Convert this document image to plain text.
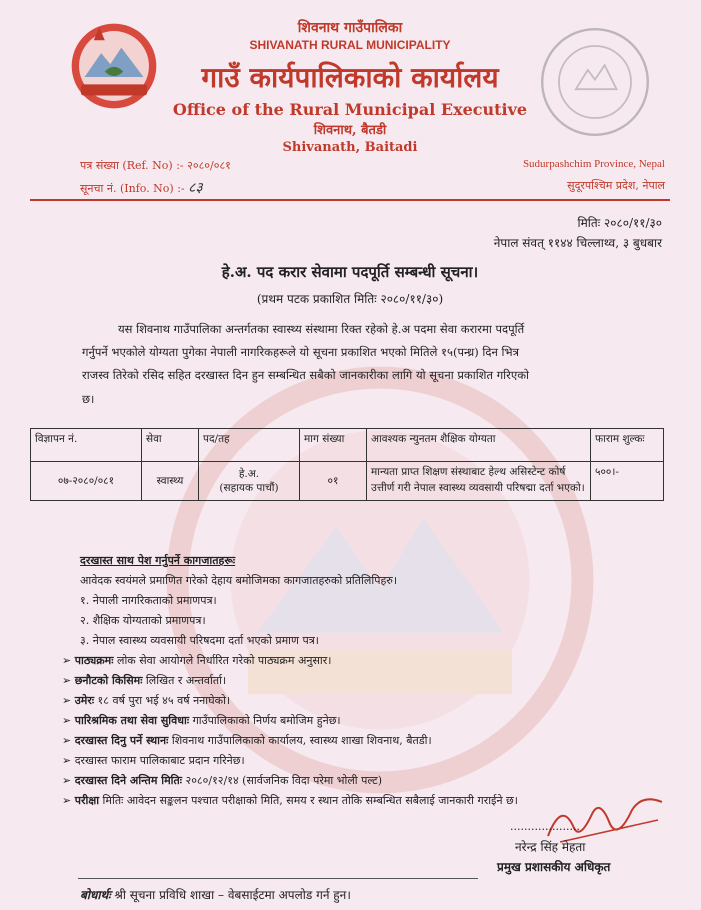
शिवनाथ गाउँपालिका
SHIVANATH RURAL MUNICIPALITY
गाउँ कार्यपालिकाको कार्यालय
Office of the Rural Municipal Executive
शिवनाथ, बैतडी
Shivanath, Baitadi
पत्र संख्या (Ref. No) :- २०८०/०८१
सूनचा नं. (Info. No) :- ८३
Sudurpashchim Province, Nepal
सुदूरपश्चिम प्रदेश, नेपाल
मितिः २०८०/११/३०
नेपाल संवत् ११४४ चिल्लाथ्व, ३ बुधबार
हे.अ. पद करार सेवामा पदपूर्ति सम्बन्धी सूचना।
(प्रथम पटक प्रकाशित मितिः २०८०/११/३०)
यस शिवनाथ गाउँपालिका अन्तर्गतका स्वास्थ्य संस्थामा रिक्त रहेको हे.अ पदमा सेवा करारमा पदपूर्ति
गर्नुपर्ने भएकोले योग्यता पुगेका नेपाली नागरिकहरूले यो सूचना प्रकाशित भएको मितिले १५(पन्ध्र) दिन भित्र
राजस्व तिरेको रसिद सहित दरखास्त दिन हुन सम्बन्धित सबैको जानकारीका लागि यो सूचना प्रकाशित गरिएको
छ।
विज्ञापन नं.	सेवा	पद/तह	माग संख्या	आवश्यक न्युनतम शैक्षिक योग्यता	फाराम शुल्कः
०७-२०८०/०८१	स्वास्थ्य	हे.अ.
(सहायक पाचौं)	०१	मान्यता प्राप्त शिक्षण संस्थाबाट हेल्थ असिस्टेन्ट कोर्ष उत्तीर्ण गरी नेपाल स्वास्थ्य व्यवसायी परिषद्मा दर्ता भएको।	५००।-
दरखास्त साथ पेश गर्नुपर्ने कागजातहरूः
आवेदक स्वयंमले प्रमाणित गरेको देहाय बमोजिमका कागजातहरुको प्रतिलिपिहरु।
१. नेपाली नागरिकताको प्रमाणपत्र।
२. शैक्षिक योग्यताको प्रमाणपत्र।
३. नेपाल स्वास्थ्य व्यवसायी परिषदमा दर्ता भएको प्रमाण पत्र।
➢ पाठ्यक्रमः लोक सेवा आयोगले निर्धारित गरेको पाठ्यक्रम अनुसार।
➢ छनौटको किसिमः लिखित र अन्तर्वार्ता।
➢ उमेरः १८ वर्ष पुरा भई ४५ वर्ष ननाघेको।
➢ पारिश्रमिक तथा सेवा सुविधाः गाउँपालिकाको निर्णय बमोजिम हुनेछ।
➢ दरखास्त दिनु पर्ने स्थानः शिवनाथ गाउँपालिकाको कार्यालय, स्वास्थ्य शाखा शिवनाथ, बैतडी।
➢ दरखास्त फाराम पालिकाबाट प्रदान गरिनेछ।
➢ दरखास्त दिने अन्तिम मितिः २०८०/१२/१४ (सार्वजनिक विदा परेमा भोली पल्ट)
➢ परीक्षा मितिः आवेदन सङ्कलन पश्चात परीक्षाको मिति, समय र स्थान तोकि सम्बन्धित सबैलाई जानकारी गराईने छ।
....................
नरेन्द्र सिंह मेहता
प्रमुख प्रशासकीय अधिकृत
बोधार्थः श्री सूचना प्रविधि शाखा – वेबसाईटमा अपलोड गर्न हुन।
